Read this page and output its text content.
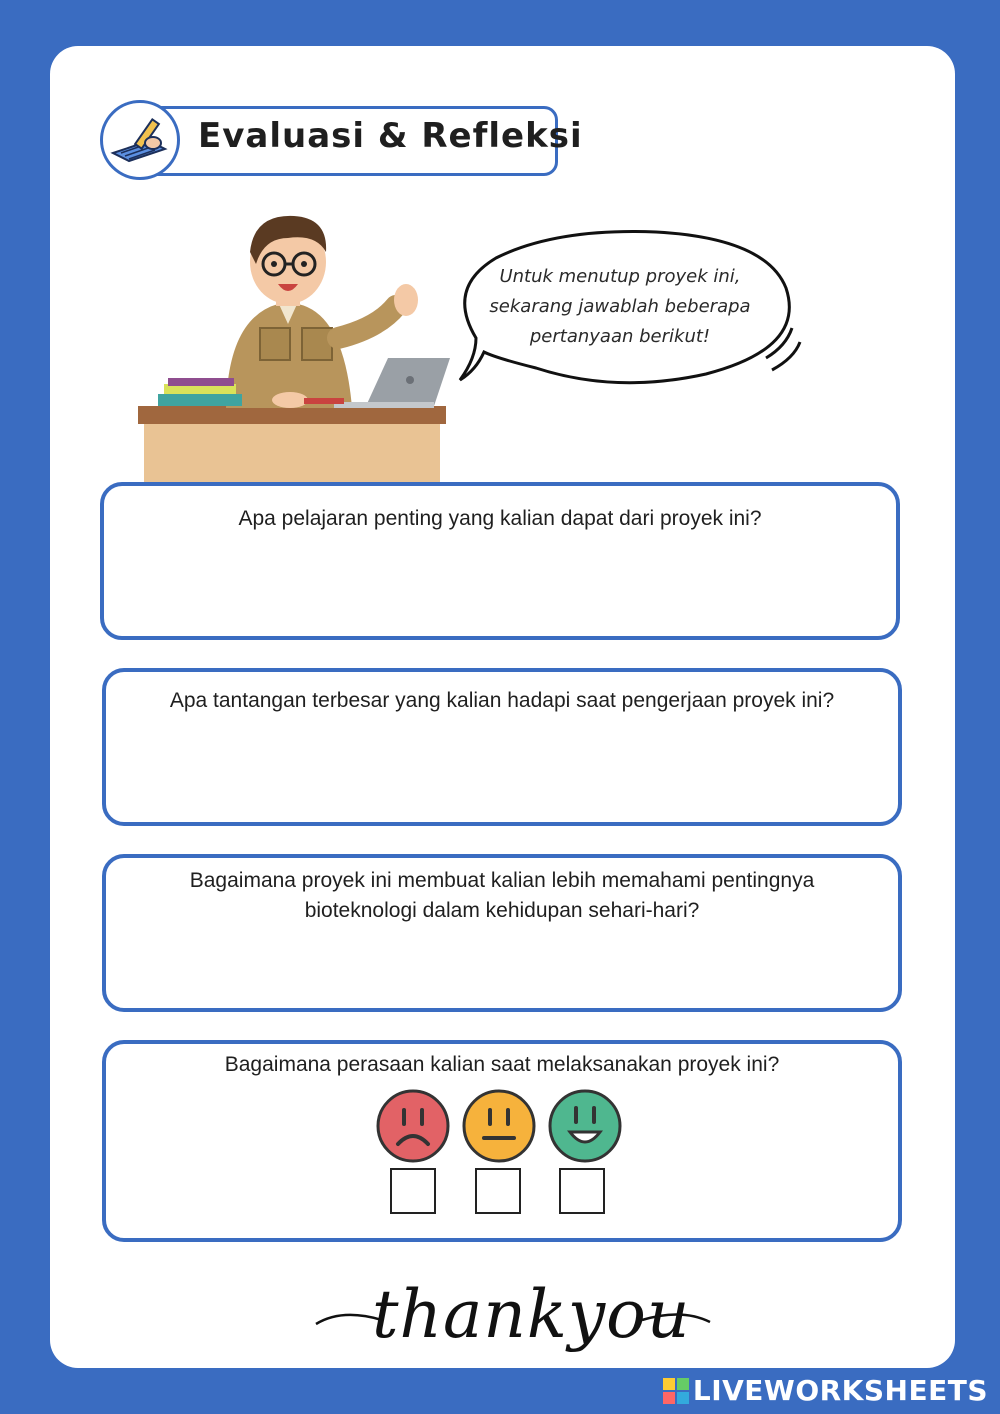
Evaluasi & Refleksi
Untuk menutup proyek ini, sekarang jawablah beberapa pertanyaan berikut!
Apa pelajaran penting yang kalian dapat dari proyek ini?
Apa tantangan terbesar yang kalian hadapi saat pengerjaan proyek ini?
Bagaimana proyek ini membuat kalian lebih memahami pentingnya bioteknologi dalam kehidupan sehari-hari?
Bagaimana perasaan kalian saat melaksanakan proyek ini?
thankyou
LIVEWORKSHEETS
